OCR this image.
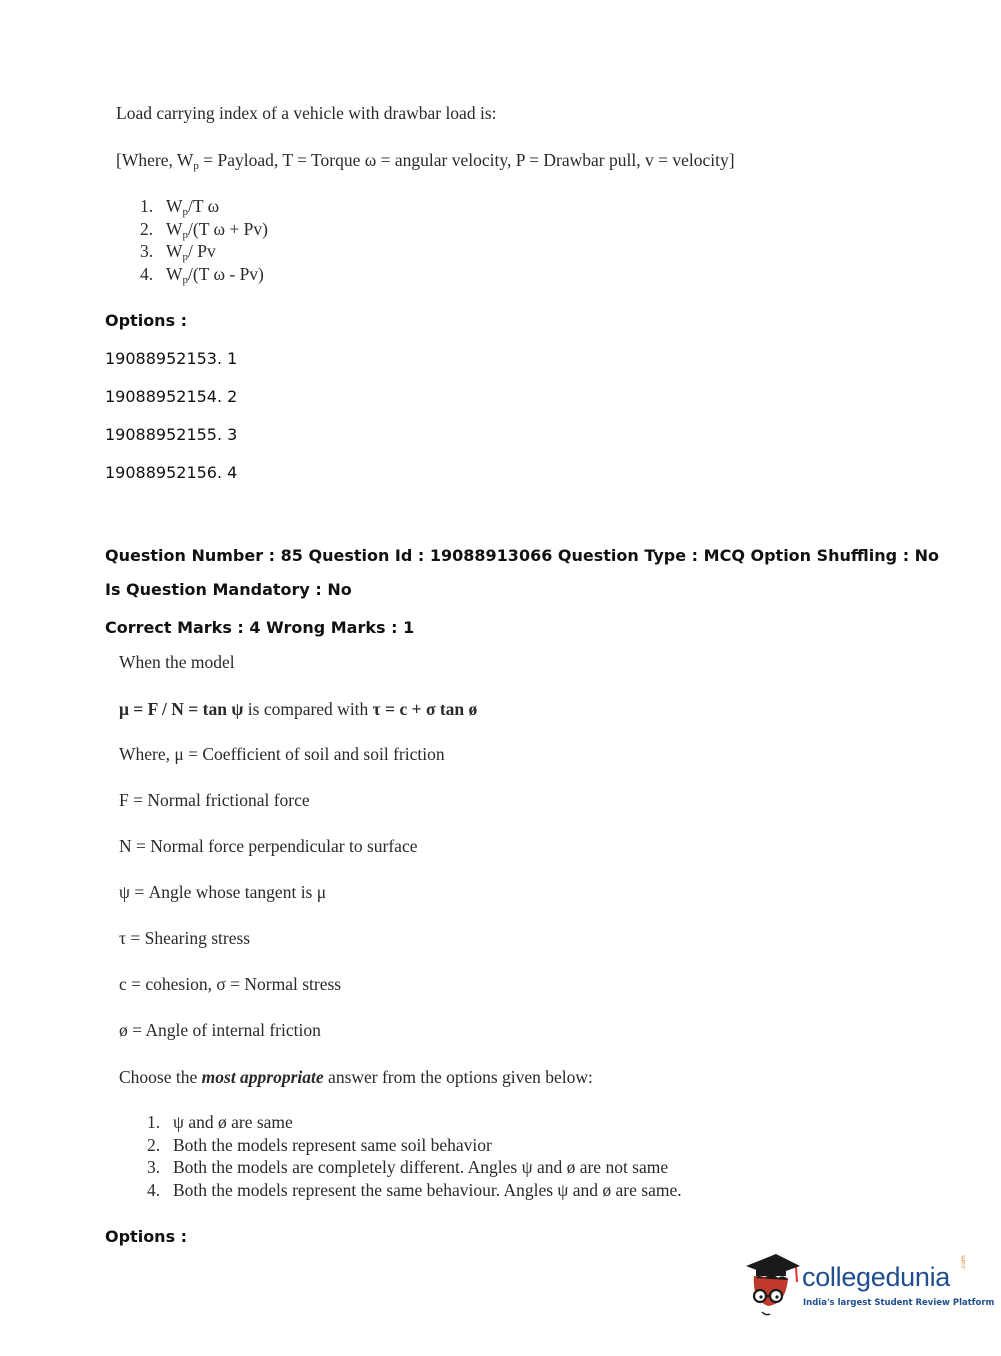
Load carrying index of a vehicle with drawbar load is:
[Where, $W_p$ = Payload, T = Torque ω = angular velocity, P = Drawbar pull, v = velocity]
1. $W_p/T$ ω
2. $W_p/(T$ ω + Pv)
3. $W_p/$ Pv
4. $W_p/(T$ ω - Pv)
Options :
19088952153. 1
19088952154. 2
19088952155. 3
19088952156. 4
Question Number : 85 Question Id : 19088913066 Question Type : MCQ Option Shuffling : No
Is Question Mandatory : No
Correct Marks : 4 Wrong Marks : 1
When the model
μ = F / N = tan ψ is compared with τ = c + σ tan ø
Where, μ = Coefficient of soil and soil friction
F = Normal frictional force
N = Normal force perpendicular to surface
ψ = Angle whose tangent is μ
τ = Shearing stress
c = cohesion, σ = Normal stress
ø = Angle of internal friction
Choose the most appropriate answer from the options given below:
1. ψ and ø are same
2. Both the models represent same soil behavior
3. Both the models are completely different. Angles ψ and ø are not same
4. Both the models represent the same behaviour. Angles ψ and ø are same.
Options :
collegedunia .com
India's largest Student Review Platform
